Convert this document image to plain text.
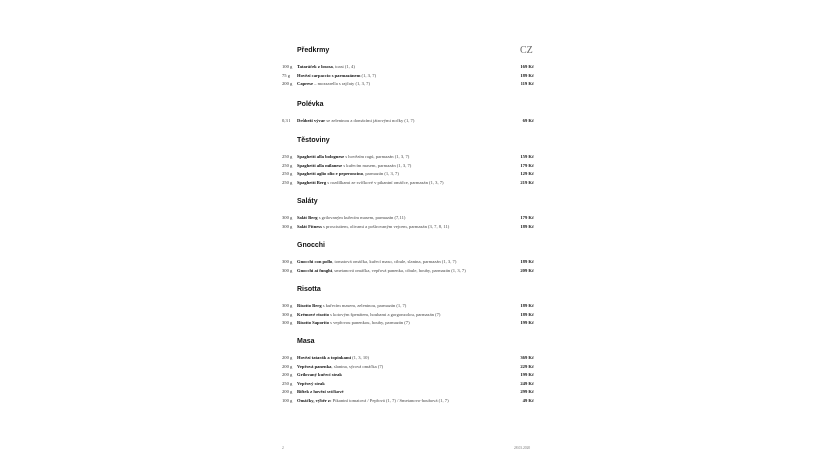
CZ
Předkrmy
100 g	Tataráček z lososa, toast (1, 4)	169 Kč
75 g	Hovězí carpaccio s parmazánem (1, 3, 7)	189 Kč
200 g	Caprese – mozzarella s rajčaty (1, 3, 7)	119 Kč
Polévka
0,3 l	Drůbeží vývar se zeleninou a domácími játrovými nočky (1, 7)	69 Kč
Těstoviny
250 g	Spaghetti alla bolognese s hovězím ragú, parmazán (1, 3, 7)	159 Kč
250 g	Spaghetti alla milanese s kuřecím masem, parmazán (1, 3, 7)	179 Kč
250 g	Spaghetti aglio olio e peperoncino, parmazán (1, 3, 7)	129 Kč
250 g	Spaghetti Berg s rozdílkami ze svíčkové v pikantní omáčce, parmazán (1, 3, 7)	219 Kč
Saláty
300 g	Salát Berg s grilovaným kuřecím masem, parmazán (7,11)	179 Kč
300 g	Salát Fitness s prosciuttem, olivami a pošírovaným vejcem, parmazán (3, 7, 8, 11)	189 Kč
Gnocchi
300 g	Gnocchi con pollo, tomatová omáčka, kuřecí maso, cibule, slanina, parmazán (1, 3, 7)	189 Kč
300 g	Gnocchi ai funghi, smetanová omáčka, vepřová panenka, cibule, houby, parmazán (1, 3, 7)	209 Kč
Risotta
300 g	Risotto Berg s kuřecím masem, zeleninou, parmazán (1, 7)	189 Kč
300 g	Krémové risotto s kotovým špenátem, houbami a gorgonzolou, parmazán (7)	189 Kč
300 g	Risotto Saporito s vepřovou panenkou, houby, parmazán (7)	199 Kč
Masa
200 g	Hovězí tatarák a topinkami (1, 3, 10)	369 Kč
200 g	Vepřová panenka, slanina, sýrová omáčka (7)	229 Kč
200 g	Grilovaný kuřecí steak	199 Kč
250 g	Vepřový steak	249 Kč
200 g	Biftek z hovězí svíčkové	299 Kč
100 g	Omáčky, výběr z: Pikantní tomatová / Pepřová (1, 7) / Smetanovo-houbová (1, 7)	49 Kč
2	28.03.2020
